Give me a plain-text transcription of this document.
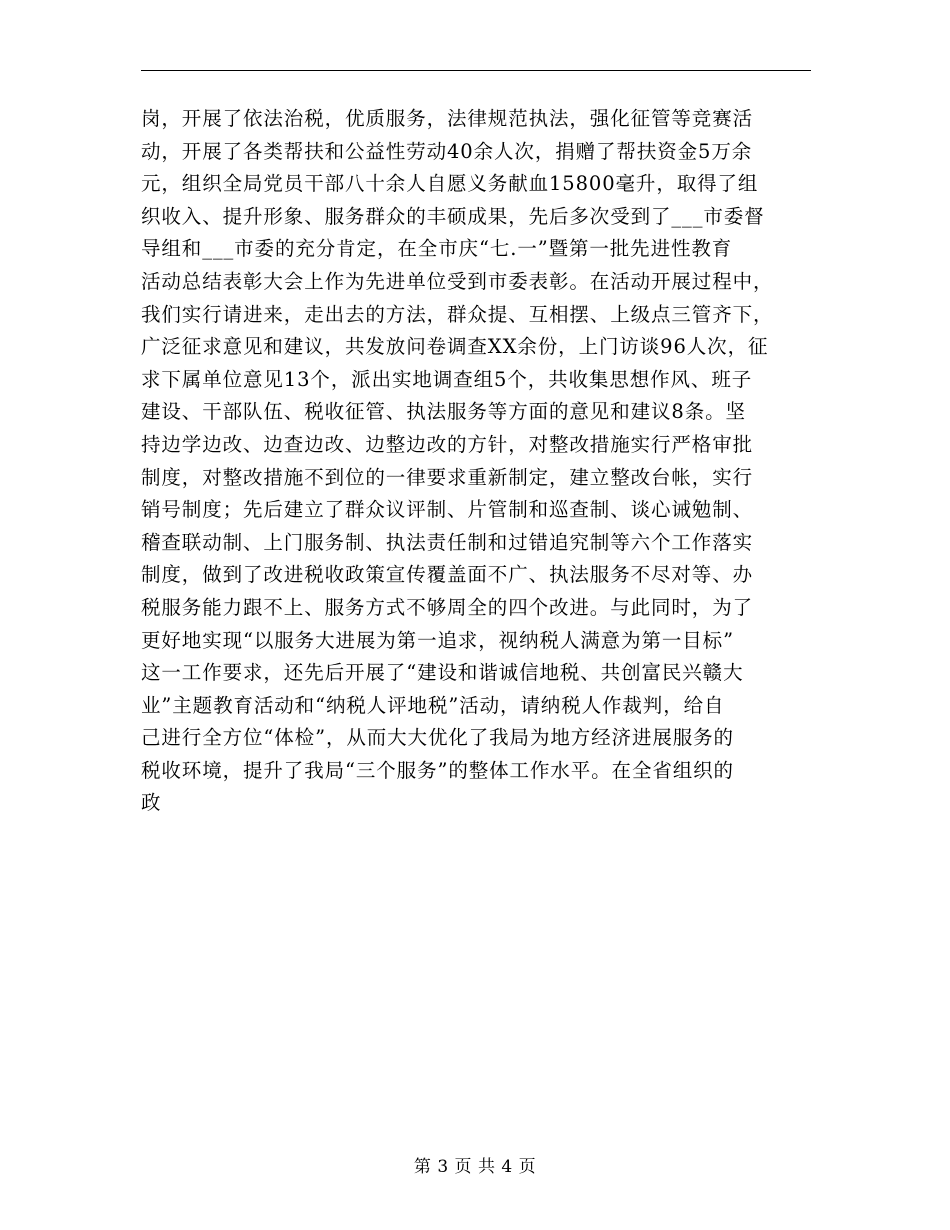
岗，开展了依法治税，优质服务，法律规范执法，强化征管等竞赛活
动，开展了各类帮扶和公益性劳动40余人次，捐赠了帮扶资金5万余
元，组织全局党员干部八十余人自愿义务献血15800毫升，取得了组
织收入、提升形象、服务群众的丰硕成果，先后多次受到了___市委督
导组和___市委的充分肯定，在全市庆“七.一”暨第一批先进性教育
活动总结表彰大会上作为先进单位受到市委表彰。在活动开展过程中，
我们实行请进来，走出去的方法，群众提、互相摆、上级点三管齐下，
广泛征求意见和建议，共发放问卷调查XX余份，上门访谈96人次，征
求下属单位意见13个，派出实地调查组5个，共收集思想作风、班子
建设、干部队伍、税收征管、执法服务等方面的意见和建议8条。坚
持边学边改、边查边改、边整边改的方针，对整改措施实行严格审批
制度，对整改措施不到位的一律要求重新制定，建立整改台帐，实行
销号制度；先后建立了群众议评制、片管制和巡查制、谈心诫勉制、
稽查联动制、上门服务制、执法责任制和过错追究制等六个工作落实
制度，做到了改进税收政策宣传覆盖面不广、执法服务不尽对等、办
税服务能力跟不上、服务方式不够周全的四个改进。与此同时，为了
更好地实现“以服务大进展为第一追求，视纳税人满意为第一目标”
这一工作要求，还先后开展了“建设和谐诚信地税、共创富民兴赣大
业”主题教育活动和“纳税人评地税”活动，请纳税人作裁判，给自
己进行全方位“体检”，从而大大优化了我局为地方经济进展服务的
税收环境，提升了我局“三个服务”的整体工作水平。在全省组织的
政
第 3 页 共 4 页
